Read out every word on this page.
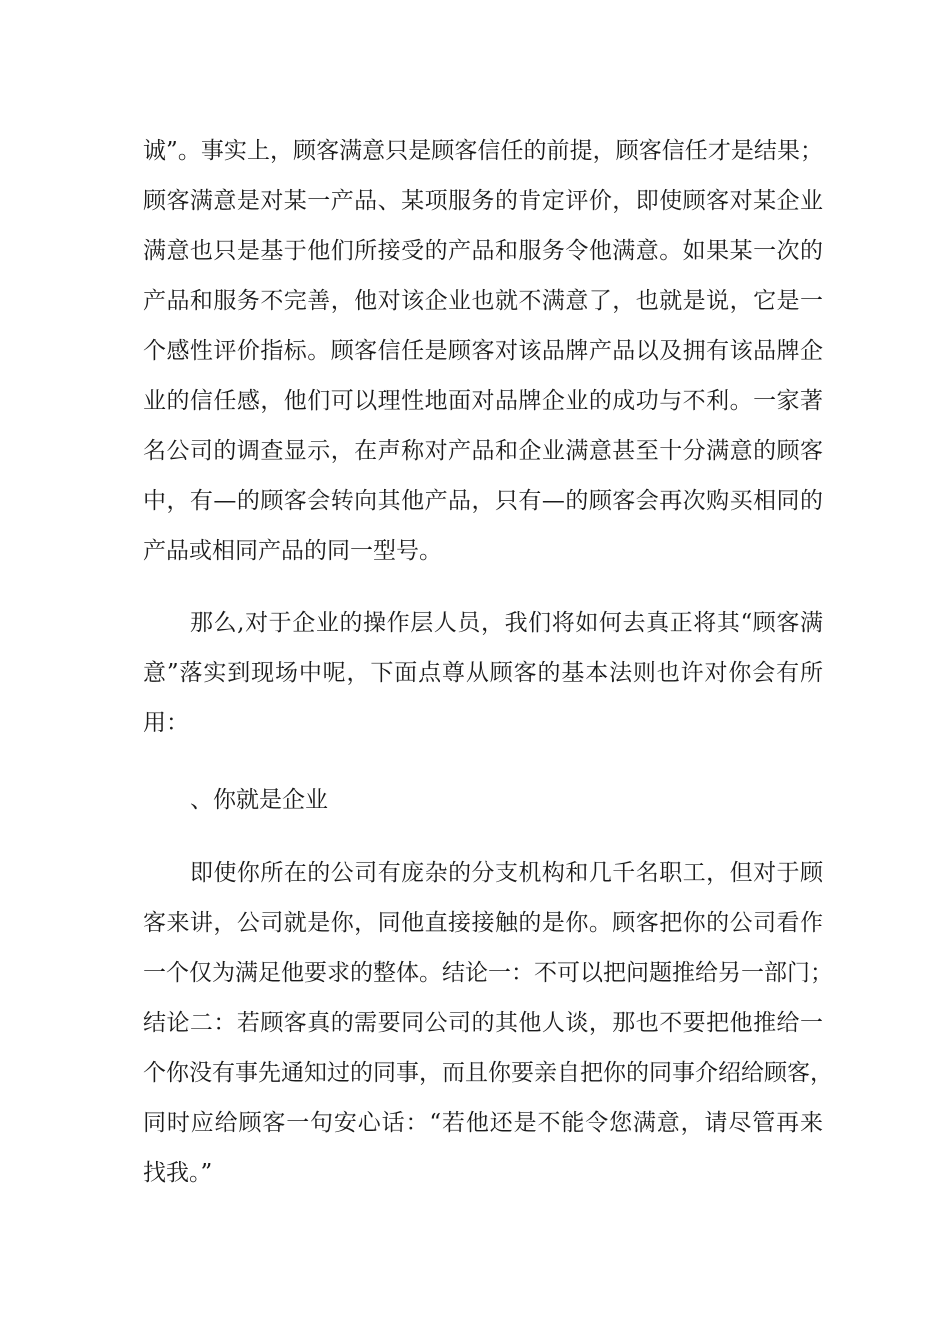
诚”。事实上，顾客满意只是顾客信任的前提，顾客信任才是结果；
顾客满意是对某一产品、某项服务的肯定评价，即使顾客对某企业
满意也只是基于他们所接受的产品和服务令他满意。如果某一次的
产品和服务不完善，他对该企业也就不满意了，也就是说，它是一
个感性评价指标。顾客信任是顾客对该品牌产品以及拥有该品牌企
业的信任感，他们可以理性地面对品牌企业的成功与不利。一家著
名公司的调查显示，在声称对产品和企业满意甚至十分满意的顾客
中，有—的顾客会转向其他产品，只有—的顾客会再次购买相同的
产品或相同产品的同一型号。
那么,对于企业的操作层人员，我们将如何去真正将其“顾客满
意”落实到现场中呢，下面点尊从顾客的基本法则也许对你会有所
用：
、你就是企业
即使你所在的公司有庞杂的分支机构和几千名职工，但对于顾
客来讲，公司就是你，同他直接接触的是你。顾客把你的公司看作
一个仅为满足他要求的整体。结论一：不可以把问题推给另一部门；
结论二：若顾客真的需要同公司的其他人谈，那也不要把他推给一
个你没有事先通知过的同事，而且你要亲自把你的同事介绍给顾客，
同时应给顾客一句安心话：“若他还是不能令您满意，请尽管再来
找我。”
